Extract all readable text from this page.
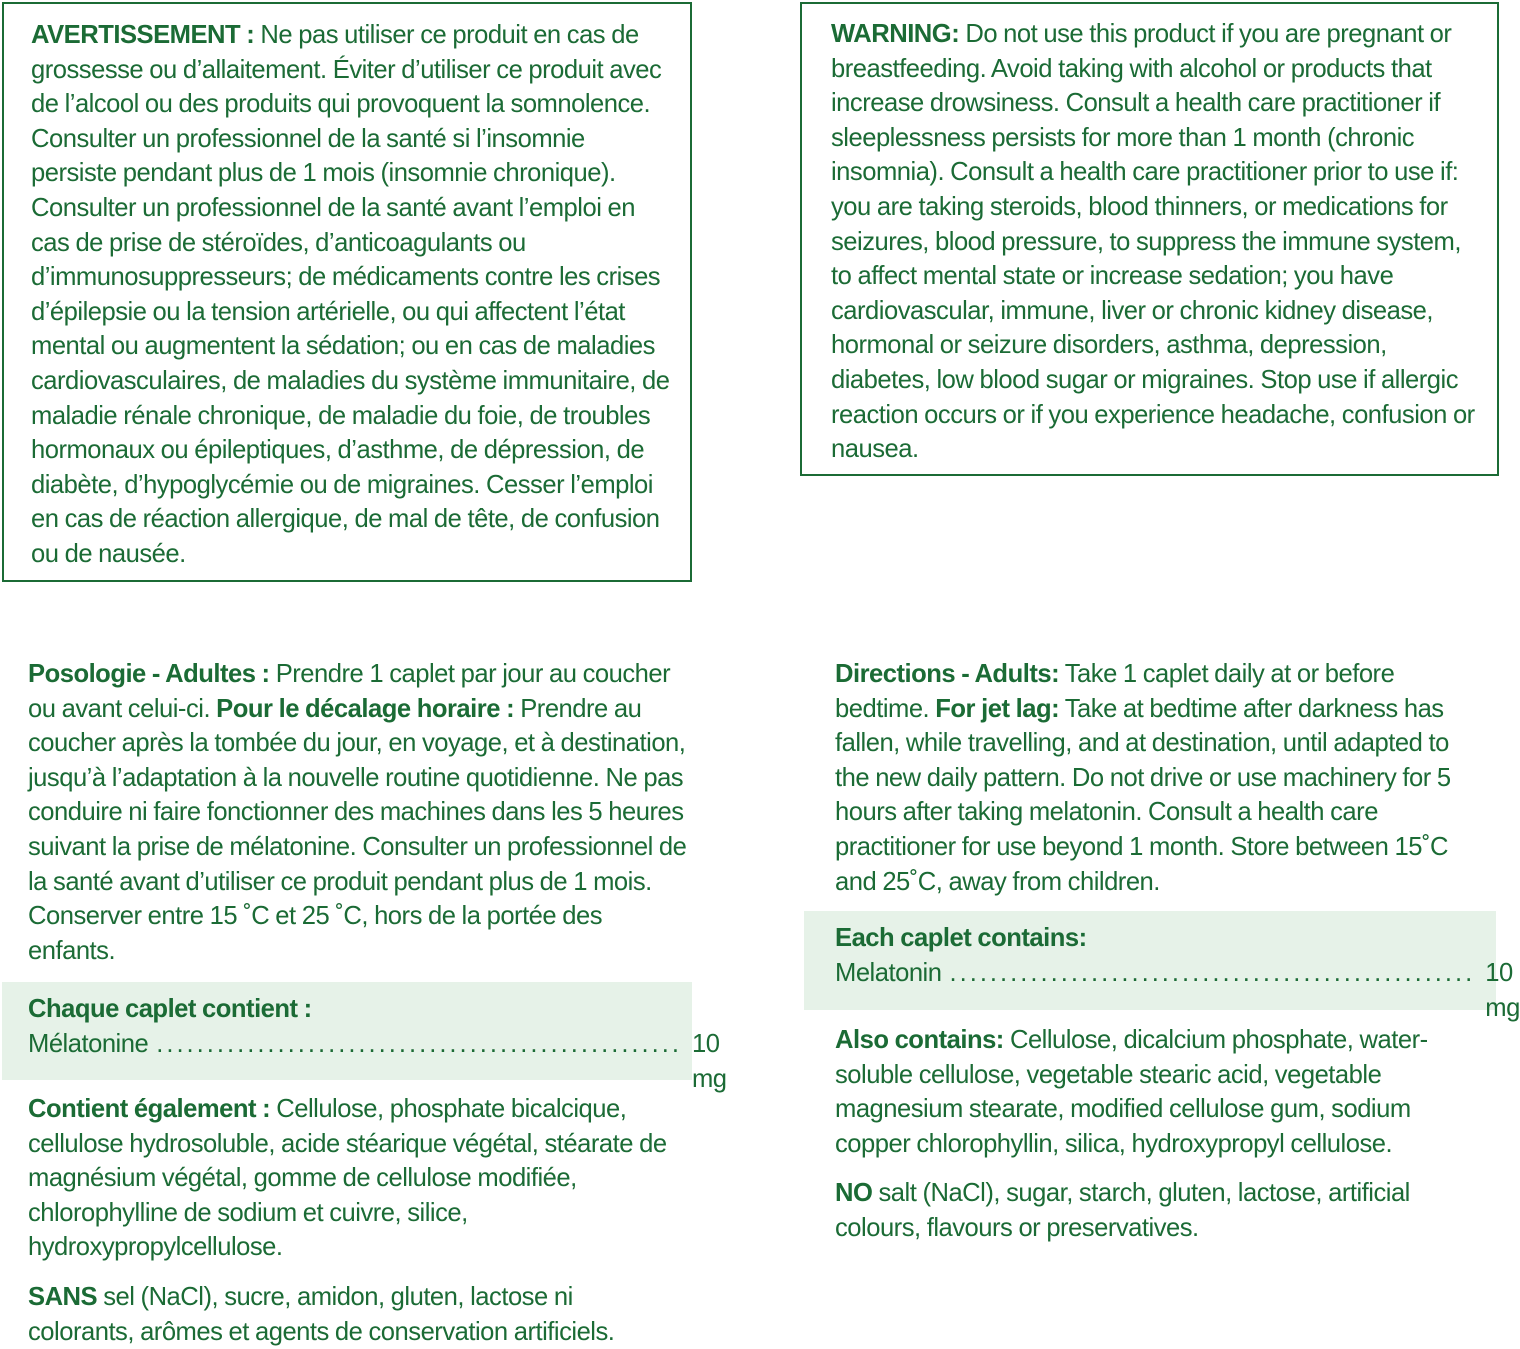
AVERTISSEMENT : Ne pas utiliser ce produit en cas de grossesse ou d’allaitement. Éviter d’utiliser ce produit avec de l’alcool ou des produits qui provoquent la somnolence. Consulter un professionnel de la santé si l’insomnie persiste pendant plus de 1 mois (insomnie chronique). Consulter un professionnel de la santé avant l’emploi en cas de prise de stéroïdes, d’anticoagulants ou d’immunosuppresseurs; de médicaments contre les crises d’épilepsie ou la tension artérielle, ou qui affectent l’état mental ou augmentent la sédation; ou en cas de maladies cardiovasculaires, de maladies du système immunitaire, de maladie rénale chronique, de maladie du foie, de troubles hormonaux ou épileptiques, d’asthme, de dépression, de diabète, d’hypoglycémie ou de migraines. Cesser l’emploi en cas de réaction allergique, de mal de tête, de confusion ou de nausée.

WARNING: Do not use this product if you are pregnant or breastfeeding. Avoid taking with alcohol or products that increase drowsiness. Consult a health care practitioner if sleeplessness persists for more than 1 month (chronic insomnia). Consult a health care practitioner prior to use if: you are taking steroids, blood thinners, or medications for seizures, blood pressure, to suppress the immune system, to affect mental state or increase sedation; you have cardiovascular, immune, liver or chronic kidney disease, hormonal or seizure disorders, asthma, depression, diabetes, low blood sugar or migraines. Stop use if allergic reaction occurs or if you experience headache, confusion or nausea.

Posologie - Adultes : Prendre 1 caplet par jour au coucher ou avant celui-ci. Pour le décalage horaire : Prendre au coucher après la tombée du jour, en voyage, et à destination, jusqu’à l’adaptation à la nouvelle routine quotidienne. Ne pas conduire ni faire fonctionner des machines dans les 5 heures suivant la prise de mélatonine. Consulter un professionnel de la santé avant d’utiliser ce produit pendant plus de 1 mois. Conserver entre 15 ˚C et 25 ˚C, hors de la portée des enfants.

Directions - Adults: Take 1 caplet daily at or before bedtime. For jet lag: Take at bedtime after darkness has fallen, while travelling, and at destination, until adapted to the new daily pattern. Do not drive or use machinery for 5 hours after taking melatonin. Consult a health care practitioner for use beyond 1 month. Store between 15˚C and 25˚C, away from children.

Chaque caplet contient :
Mélatonine .................................................... 10 mg
Each caplet contains:
Melatonin .................................................... 10 mg

Contient également : Cellulose, phosphate bicalcique, cellulose hydrosoluble, acide stéarique végétal, stéarate de magnésium végétal, gomme de cellulose modifiée, chlorophylline de sodium et cuivre, silice, hydroxypropylcellulose.

Also contains: Cellulose, dicalcium phosphate, water-soluble cellulose, vegetable stearic acid, vegetable magnesium stearate, modified cellulose gum, sodium copper chlorophyllin, silica, hydroxypropyl cellulose.

SANS sel (NaCl), sucre, amidon, gluten, lactose ni colorants, arômes et agents de conservation artificiels.

NO salt (NaCl), sugar, starch, gluten, lactose, artificial colours, flavours or preservatives.
